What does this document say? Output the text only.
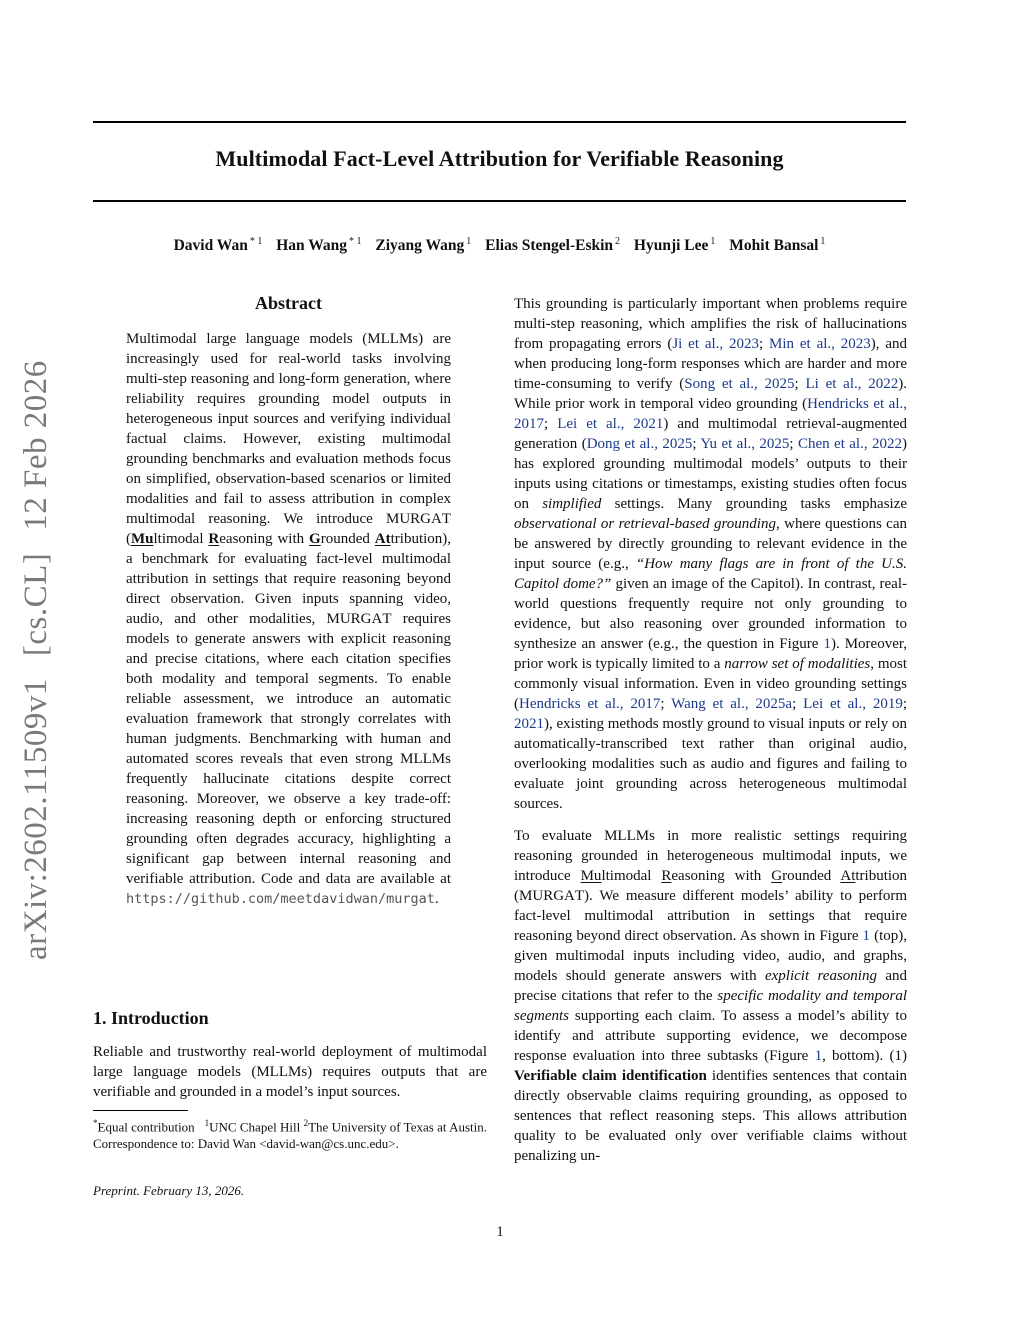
Multimodal Fact-Level Attribution for Verifiable Reasoning
David Wan $^{* 1}$ Han Wang $^{* 1}$ Ziyang Wang $^1$ Elias Stengel-Eskin $^2$ Hyunji Lee $^1$ Mohit Bansal $^1$
arXiv:2602.11509v1[cs.CL]12 Feb 2026
Abstract
Multimodal large language models (MLLMs) are increasingly used for real-world tasks involving multi-step reasoning and long-form generation, where reliability requires grounding model outputs in heterogeneous input sources and verifying individual factual claims. However, existing multimodal grounding benchmarks and evaluation methods focus on simplified, observation-based scenarios or limited modalities and fail to assess attribution in complex multimodal reasoning. We introduce MURGAT (Multimodal Reasoning with Grounded Attribution), a benchmark for evaluating fact-level multimodal attribution in settings that require reasoning beyond direct observation. Given inputs spanning video, audio, and other modalities, MURGAT requires models to generate answers with explicit reasoning and precise citations, where each citation specifies both modality and temporal segments. To enable reliable assessment, we introduce an automatic evaluation framework that strongly correlates with human judgments. Benchmarking with human and automated scores reveals that even strong MLLMs frequently hallucinate citations despite correct reasoning. Moreover, we observe a key trade-off: increasing reasoning depth or enforcing structured grounding often degrades accuracy, highlighting a significant gap between internal reasoning and verifiable attribution. Code and data are available at https://github.com/meetdavidwan/murgat.
1. Introduction
Reliable and trustworthy real-world deployment of multimodal large language models (MLLMs) requires outputs that are verifiable and grounded in a model’s input sources.
*Equal contribution $^1$UNC Chapel Hill $^2$The University of Texas at Austin. Correspondence to: David Wan <david-wan@cs.unc.edu>.
Preprint. February 13, 2026.

This grounding is particularly important when problems require multi-step reasoning, which amplifies the risk of hallucinations from propagating errors (Ji et al., 2023; Min et al., 2023), and when producing long-form responses which are harder and more time-consuming to verify (Song et al., 2025; Li et al., 2022). While prior work in temporal video grounding (Hendricks et al., 2017; Lei et al., 2021) and multimodal retrieval-augmented generation (Dong et al., 2025; Yu et al., 2025; Chen et al., 2022) has explored grounding multimodal models’ outputs to their inputs using citations or timestamps, existing studies often focus on simplified settings. Many grounding tasks emphasize observational or retrieval-based grounding, where questions can be answered by directly grounding to relevant evidence in the input source (e.g., “How many flags are in front of the U.S. Capitol dome?” given an image of the Capitol). In contrast, real-world questions frequently require not only grounding to evidence, but also reasoning over grounded information to synthesize an answer (e.g., the question in Figure 1). Moreover, prior work is typically limited to a narrow set of modalities, most commonly visual information. Even in video grounding settings (Hendricks et al., 2017; Wang et al., 2025a; Lei et al., 2019; 2021), existing methods mostly ground to visual inputs or rely on automatically-transcribed text rather than original audio, overlooking modalities such as audio and figures and failing to evaluate joint grounding across heterogeneous multimodal sources.

To evaluate MLLMs in more realistic settings requiring reasoning grounded in heterogeneous multimodal inputs, we introduce Multimodal Reasoning with Grounded Attribution (MURGAT). We measure different models’ ability to perform fact-level multimodal attribution in settings that require reasoning beyond direct observation. As shown in Figure 1 (top), given multimodal inputs including video, audio, and graphs, models should generate answers with explicit reasoning and precise citations that refer to the specific modality and temporal segments supporting each claim. To assess a model’s ability to identify and attribute supporting evidence, we decompose response evaluation into three subtasks (Figure 1, bottom). (1) Verifiable claim identification identifies sentences that contain directly observable claims requiring grounding, as opposed to sentences that reflect reasoning steps. This allows attribution quality to be evaluated only over verifiable claims without penalizing un-

1
